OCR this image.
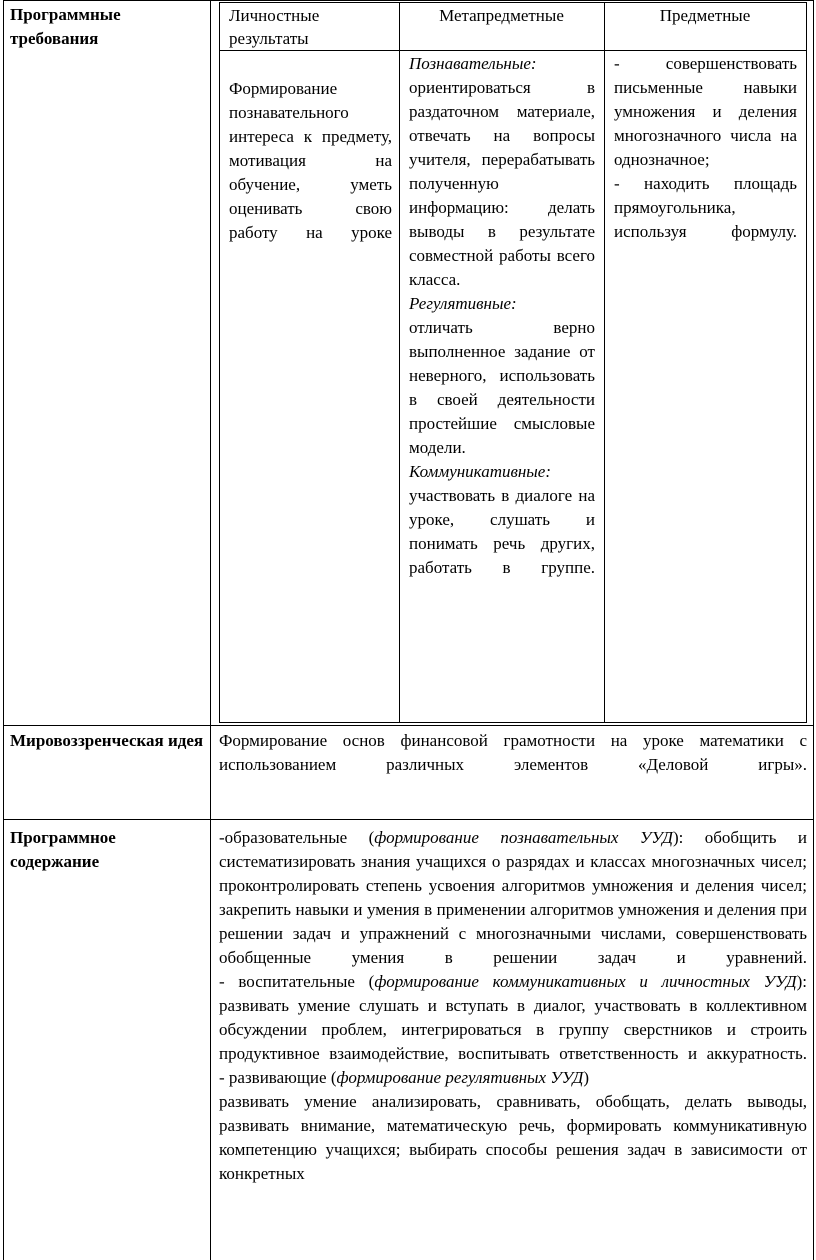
Программные требования
Мировоззренческая идея
Программное содержание
Личностные результаты
Метапредметные	Предметные
Формирование познавательного интереса к предмету, мотивация на обучение, уметь оценивать свою работу на уроке

Познавательные:

ориентироваться в раздаточном материале, отвечать на вопросы учителя, перерабатывать полученную информацию: делать выводы в результате совместной работы всего класса.

Регулятивные:

отличать верно выполненное задание от неверного, использовать в своей деятельности простейшие смысловые модели.

Коммуникативные:

участвовать в диалоге на уроке, слушать и понимать речь других, работать в группе.

- совершенствовать письменные навыки умножения и деления многозначного числа на однозначное;

- находить площадь прямоугольника, используя формулу.

Формирование основ финансовой грамотности на уроке математики с использованием различных элементов «Деловой игры».

-образовательные (формирование познавательных УУД): обобщить и систематизировать знания учащихся о разрядах и классах многозначных чисел; проконтролировать степень усвоения алгоритмов умножения и деления чисел; закрепить навыки и умения в применении алгоритмов умножения и деления при решении задач и упражнений с многозначными числами, совершенствовать обобщенные умения в решении задач и уравнений.

- воспитательные (формирование коммуникативных и личностных УУД): развивать умение слушать и вступать в диалог, участвовать в коллективном обсуждении проблем, интегрироваться в группу сверстников и строить продуктивное взаимодействие, воспитывать ответственность и аккуратность.

- развивающие (формирование регулятивных УУД)

развивать умение анализировать, сравнивать, обобщать, делать выводы, развивать внимание, математическую речь, формировать коммуникативную компетенцию учащихся; выбирать способы решения задач в зависимости от конкретных
